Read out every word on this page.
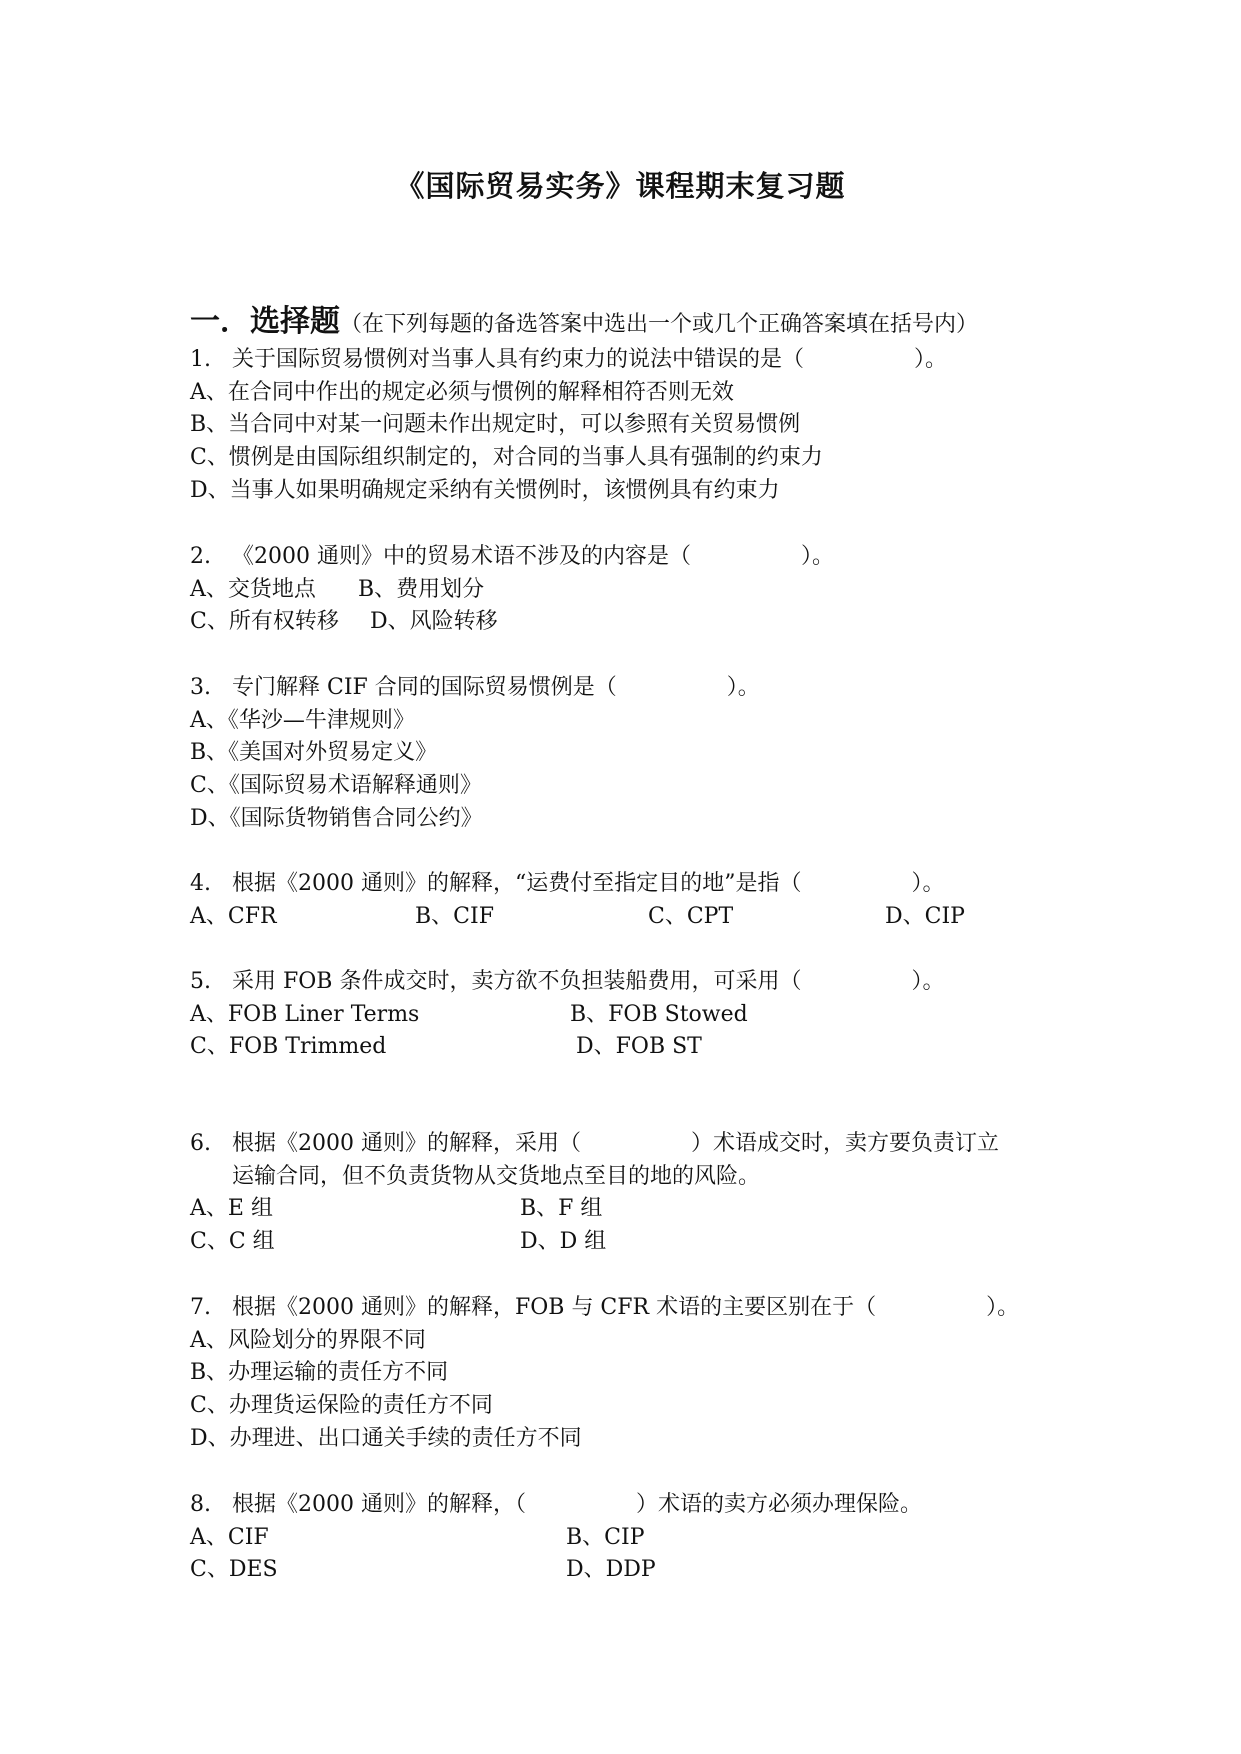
《国际贸易实务》课程期末复习题
一．选择题（在下列每题的备选答案中选出一个或几个正确答案填在括号内）
1. 关于国际贸易惯例对当事人具有约束力的说法中错误的是（　　　　　）。
A、在合同中作出的规定必须与惯例的解释相符否则无效
B、当合同中对某一问题未作出规定时，可以参照有关贸易惯例
C、惯例是由国际组织制定的，对合同的当事人具有强制的约束力
D、当事人如果明确规定采纳有关惯例时，该惯例具有约束力
2. 《2000 通则》中的贸易术语不涉及的内容是（　　　　　）。
A、交货地点 B、费用划分
C、所有权转移 D、风险转移
3. 专门解释 CIF 合同的国际贸易惯例是（　　　　　）。
A、《华沙—牛津规则》
B、《美国对外贸易定义》
C、《国际贸易术语解释通则》
D、《国际货物销售合同公约》
4. 根据《2000 通则》的解释，“运费付至指定目的地”是指（　　　　　）。
A、CFR	B、CIF	C、CPT	D、CIP
5. 采用 FOB 条件成交时，卖方欲不负担装船费用，可采用（　　　　　）。
A、FOB Liner Terms	B、FOB Stowed
C、FOB Trimmed	D、FOB ST
6. 根据《2000 通则》的解释，采用（　　　　　）术语成交时，卖方要负责订立
运输合同，但不负责货物从交货地点至目的地的风险。
A、E 组	B、F 组
C、C 组	D、D 组
7. 根据《2000 通则》的解释，FOB 与 CFR 术语的主要区别在于（　　　　　）。
A、风险划分的界限不同
B、办理运输的责任方不同
C、办理货运保险的责任方不同
D、办理进、出口通关手续的责任方不同
8. 根据《2000 通则》的解释，（　　　　　）术语的卖方必须办理保险。
A、CIF	B、CIP
C、DES	D、DDP
